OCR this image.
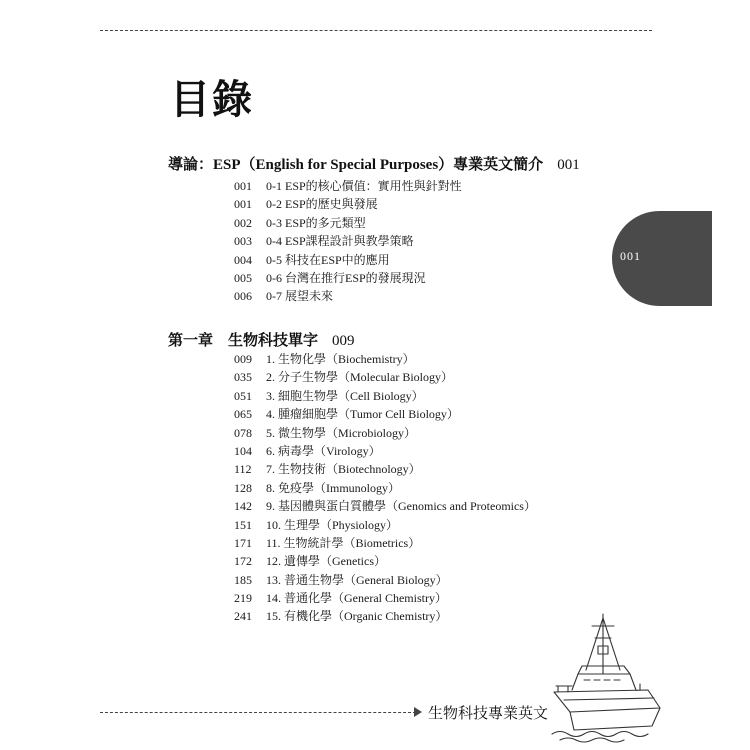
目錄
導論：ESP（English for Special Purposes）專業英文簡介 001
001 0-1 ESP的核心價值：實用性與針對性
001 0-2 ESP的歷史與發展
002 0-3 ESP的多元類型
003 0-4 ESP課程設計與教學策略
004 0-5 科技在ESP中的應用
005 0-6 台灣在推行ESP的發展現況
006 0-7 展望未來
第一章　生物科技單字 009
009 1. 生物化學（Biochemistry）
035 2. 分子生物學（Molecular Biology）
051 3. 細胞生物學（Cell Biology）
065 4. 腫瘤細胞學（Tumor Cell Biology）
078 5. 微生物學（Microbiology）
104 6. 病毒學（Virology）
112 7. 生物技術（Biotechnology）
128 8. 免疫學（Immunology）
142 9. 基因體與蛋白質體學（Genomics and Proteomics）
151 10. 生理學（Physiology）
171 11. 生物統計學（Biometrics）
172 12. 遺傳學（Genetics）
185 13. 普通生物學（General Biology）
219 14. 普通化學（General Chemistry）
241 15. 有機化學（Organic Chemistry）
001
生物科技專業英文
